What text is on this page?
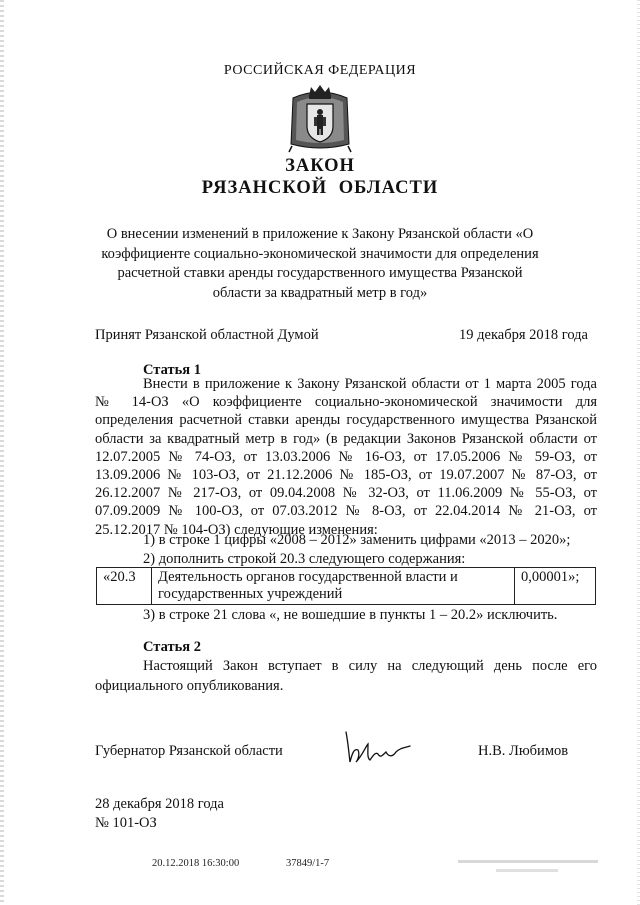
РОССИЙСКАЯ ФЕДЕРАЦИЯ
ЗАКОН
РЯЗАНСКОЙ ОБЛАСТИ
О внесении изменений в приложение к Закону Рязанской области «О коэффициенте социально-экономической значимости для определения расчетной ставки аренды государственного имущества Рязанской области за квадратный метр в год»
Принят Рязанской областной Думой	19 декабря 2018 года
Статья 1

Внести в приложение к Закону Рязанской области от 1 марта 2005 года № 14-ОЗ «О коэффициенте социально-экономической значимости для определения расчетной ставки аренды государственного имущества Рязанской области за квадратный метр в год» (в редакции Законов Рязанской области от 12.07.2005 № 74-ОЗ, от 13.03.2006 № 16-ОЗ, от 17.05.2006 № 59-ОЗ, от 13.09.2006 № 103-ОЗ, от 21.12.2006 № 185-ОЗ, от 19.07.2007 № 87-ОЗ, от 26.12.2007 № 217-ОЗ, от 09.04.2008 № 32-ОЗ, от 11.06.2009 № 55-ОЗ, от 07.09.2009 № 100-ОЗ, от 07.03.2012 № 8-ОЗ, от 22.04.2014 № 21-ОЗ, от 25.12.2017 № 104-ОЗ) следующие изменения:

1) в строке 1 цифры «2008 – 2012» заменить цифрами «2013 – 2020»;
2) дополнить строкой 20.3 следующего содержания:
«20.3	Деятельность органов государственной власти и государственных учреждений	0,00001»;
3) в строке 21 слова «, не вошедшие в пункты 1 – 20.2» исключить.
Статья 2

Настоящий Закон вступает в силу на следующий день после его официального опубликования.

Губернатор Рязанской области	Н.В. Любимов
28 декабря 2018 года
№ 101-ОЗ
20.12.2018 16:30:00	37849/1-7
